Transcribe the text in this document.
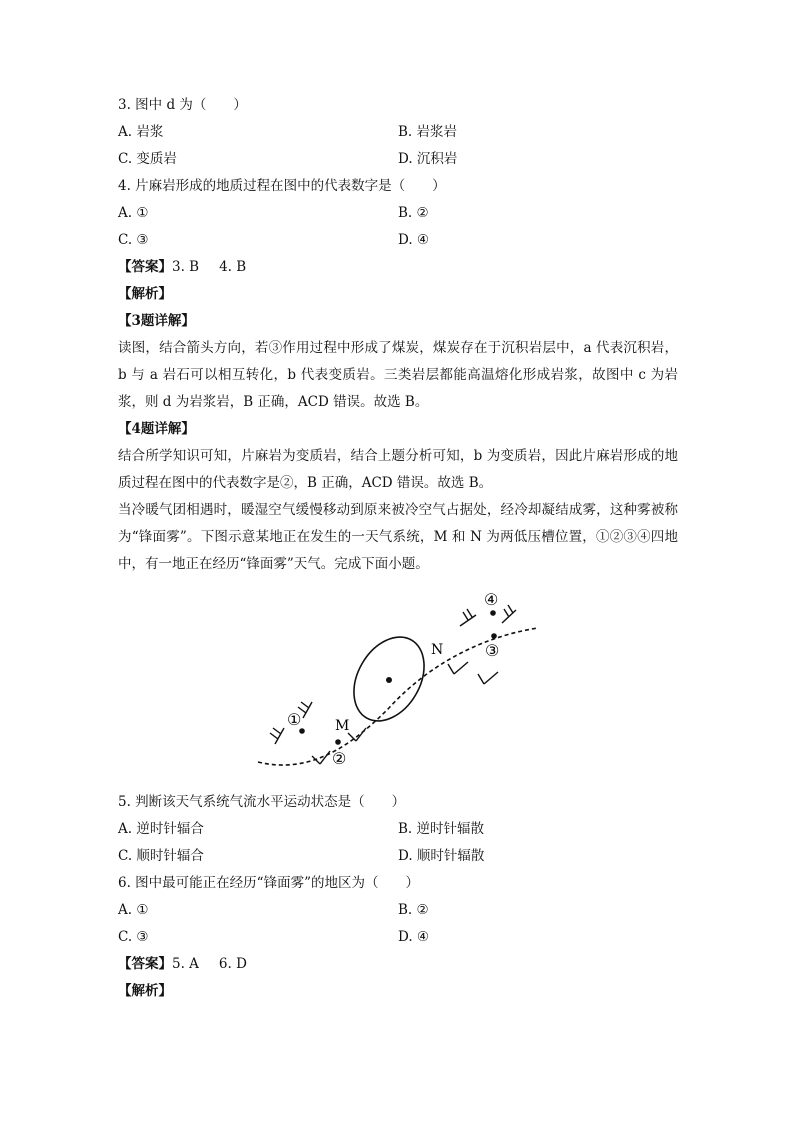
3. 图中 d 为（　　）

A. 岩浆	B. 岩浆岩
C. 变质岩	D. 沉积岩

4. 片麻岩形成的地质过程在图中的代表数字是（　　）

A. ①	B. ②
C. ③	D. ④

【答案】3. B 4. B

【解析】

【3题详解】

读图，结合箭头方向，若③作用过程中形成了煤炭，煤炭存在于沉积岩层中，a 代表沉积岩，b 与 a 岩石可以相互转化，b 代表变质岩。三类岩层都能高温熔化形成岩浆，故图中 c 为岩浆，则 d 为岩浆岩，B 正确，ACD 错误。故选 B。

【4题详解】

结合所学知识可知，片麻岩为变质岩，结合上题分析可知，b 为变质岩，因此片麻岩形成的地质过程在图中的代表数字是②，B 正确，ACD 错误。故选 B。

当冷暖气团相遇时，暖湿空气缓慢移动到原来被冷空气占据处，经冷却凝结成雾，这种雾被称为“锋面雾”。下图示意某地正在发生的一天气系统，M 和 N 为两低压槽位置，①②③④四地中，有一地正在经历“锋面雾”天气。完成下面小题。

M
N
①
②
③
④

5. 判断该天气系统气流水平运动状态是（　　）

A. 逆时针辐合	B. 逆时针辐散
C. 顺时针辐合	D. 顺时针辐散

6. 图中最可能正在经历“锋面雾”的地区为（　　）

A. ①	B. ②
C. ③	D. ④

【答案】5. A 6. D

【解析】
